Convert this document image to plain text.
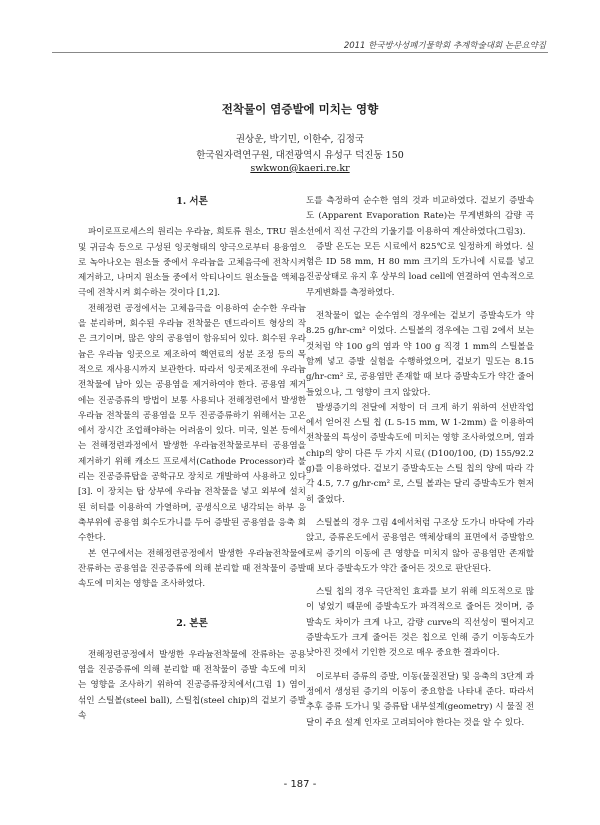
2011 한국방사성폐기물학회 추계학술대회 논문요약집
전착물이 염증발에 미치는 영향
권상운, 박기민, 이한수, 김정국
한국원자력연구원, 대전광역시 유성구 덕진동 150
swkwon@kaeri.re.kr
1. 서론

파이로프로세스의 원리는 우라늄, 희토류 원소, TRU 원소 및 귀금속 등으로 구성된 잉곳형태의 양극으로부터 용융염으로 녹아나오는 원소들 중에서 우라늄을 고체음극에 전착시켜 제거하고, 나머지 원소들 중에서 악티나이드 원소들을 액체음극에 전착시켜 회수하는 것이다 [1,2].

전해정련 공정에서는 고체음극을 이용하여 순수한 우라늄을 분리하며, 회수된 우라늄 전착물은 덴드라이트 형상의 작은 크기이며, 많은 양의 공용염이 함유되어 있다. 회수된 우라늄은 우라늄 잉곳으로 제조하여 핵연료의 성분 조정 등의 목적으로 재사용시까지 보관한다. 따라서 잉곳제조전에 우라늄전착물에 남아 있는 공용염을 제거하여야 한다. 공용염 제거에는 진공증류의 방법이 보통 사용되나 전해정련에서 발생한 우라늄 전착물의 공용염을 모두 진공증류하기 위해서는 고온에서 장시간 조업해야하는 어려움이 있다. 미국, 일본 등에서는 전해정련과정에서 발생한 우라늄전착물로부터 공용염을 제거하기 위해 캐소드 프로세서(Cathode Processor)라 불리는 진공증류탑을 공학규모 장치로 개발하여 사용하고 있다[3]. 이 장치는 탑 상부에 우라늄 전착물을 넣고 외부에 설치된 히터를 이용하여 가열하며, 공생식으로 냉각되는 하부 응축부위에 공용염 회수도가니를 두어 증발된 공용염을 응축 회수한다.

본 연구에서는 전해정련공정에서 발생한 우라늄전착물에 잔류하는 공용염을 진공증류에 의해 분리할 때 전착물이 증발 속도에 미치는 영향을 조사하였다.

2. 본론

전해정련공정에서 발생한 우라늄전착물에 잔류하는 공용염을 진공증류에 의해 분리할 때 전착물이 증발 속도에 미치는 영향을 조사하기 위하여 진공증류장치에서(그림 1) 염이 섞인 스틸볼(steel ball), 스틸칩(steel chip)의 겉보기 증발 속

도를 측정하여 순수한 염의 것과 비교하였다. 겉보기 증발속도 (Apparent Evaporation Rate)는 무게변화의 감량 곡선에서 직선 구간의 기울기를 이용하여 계산하였다(그림3).

증발 온도는 모든 시료에서 825℃로 일정하게 하였다. 실험은 ID 58 mm, H 80 mm 크기의 도가니에 시료를 넣고 진공상태로 유지 후 상부의 load cell에 연결하여 연속적으로 무게변화를 측정하였다.

전착물이 없는 순수염의 경우에는 겉보기 증발속도가 약 8.25 g/hr-cm² 이었다. 스틸볼의 경우에는 그림 2에서 보는 것처럼 약 100 g의 염과 약 100 g 직경 1 mm의 스틸볼을 함께 넣고 증발 실험을 수행하였으며, 겉보기 밀도는 8.15 g/hr-cm² 로, 공용염만 존재할 때 보다 증발속도가 약간 줄어들었으나, 그 영향이 크지 않았다.

발생증기의 전달에 저항이 더 크게 하기 위하여 선반작업에서 얻어진 스틸 칩 (L 5-15 mm, W 1-2mm) 을 이용하여 전착물의 특성이 증발속도에 미치는 영향 조사하였으며, 염과 chip의 양이 다른 두 가지 시료( (D100/100, (D) 155/92.2 g)를 이용하였다. 겉보기 증발속도는 스틸 칩의 양에 따라 각각 4.5, 7.7 g/hr-cm² 로, 스틸 볼과는 달리 증발속도가 현저히 줄었다.

스틸볼의 경우 그림 4에서처럼 구조상 도가니 바닥에 가라앉고, 증류온도에서 공용염은 액체상태의 표면에서 증발함으로써 증기의 이동에 큰 영향을 미치지 않아 공용염만 존재할 때 보다 증발속도가 약간 줄어든 것으로 판단된다.

스틸 칩의 경우 극단적인 효과를 보기 위해 의도적으로 많이 넣었기 때문에 증발속도가 파격적으로 줄어든 것이며, 증발속도 차이가 크게 나고, 감량 curve의 직선성이 떨어지고 증발속도가 크게 줄어든 것은 칩으로 인해 증기 이동속도가 낮아진 것에서 기인한 것으로 매우 중요한 결과이다.

이로부터 증류의 증발, 이동(물질전달) 및 응축의 3단계 과정에서 생성된 증기의 이동이 중요함을 나타내 준다. 따라서 추후 증류 도가니 및 증류탑 내부설계(geometry) 시 물질 전달이 주요 설계 인자로 고려되어야 한다는 것을 알 수 있다.

- 187 -
